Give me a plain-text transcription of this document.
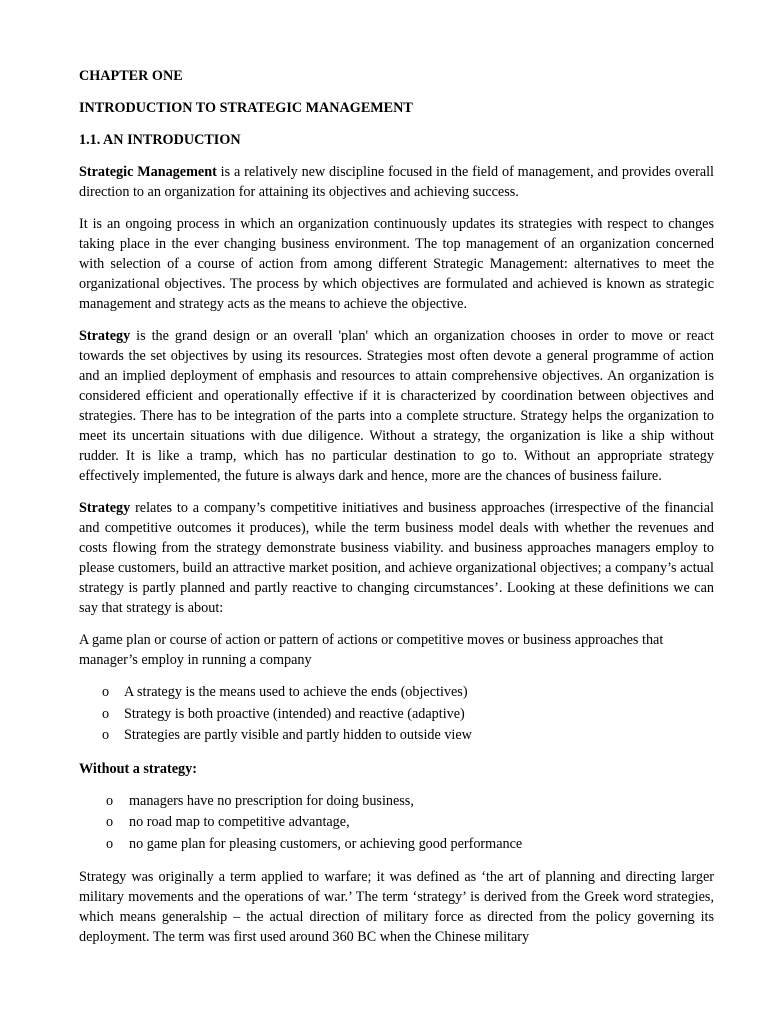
CHAPTER ONE
INTRODUCTION TO STRATEGIC MANAGEMENT
1.1. AN INTRODUCTION

Strategic Management is a relatively new discipline focused in the field of management, and provides overall direction to an organization for attaining its objectives and achieving success.

It is an ongoing process in which an organization continuously updates its strategies with respect to changes taking place in the ever changing business environment. The top management of an organization concerned with selection of a course of action from among different Strategic Management: alternatives to meet the organizational objectives. The process by which objectives are formulated and achieved is known as strategic management and strategy acts as the means to achieve the objective.

Strategy is the grand design or an overall 'plan' which an organization chooses in order to move or react towards the set objectives by using its resources. Strategies most often devote a general programme of action and an implied deployment of emphasis and resources to attain comprehensive objectives. An organization is considered efficient and operationally effective if it is characterized by coordination between objectives and strategies. There has to be integration of the parts into a complete structure. Strategy helps the organization to meet its uncertain situations with due diligence. Without a strategy, the organization is like a ship without rudder. It is like a tramp, which has no particular destination to go to. Without an appropriate strategy effectively implemented, the future is always dark and hence, more are the chances of business failure.

Strategy relates to a company’s competitive initiatives and business approaches (irrespective of the financial and competitive outcomes it produces), while the term business model deals with whether the revenues and costs flowing from the strategy demonstrate business viability. and business approaches managers employ to please customers, build an attractive market position, and achieve organizational objectives; a company’s actual strategy is partly planned and partly reactive to changing circumstances’. Looking at these definitions we can say that strategy is about:

A game plan or course of action or pattern of actions or competitive moves or business approaches that manager’s employ in running a company

o A strategy is the means used to achieve the ends (objectives)
o Strategy is both proactive (intended) and reactive (adaptive)
o Strategies are partly visible and partly hidden to outside view
Without a strategy:
o managers have no prescription for doing business,
o no road map to competitive advantage,
o no game plan for pleasing customers, or achieving good performance

Strategy was originally a term applied to warfare; it was defined as ‘the art of planning and directing larger military movements and the operations of war.’ The term ‘strategy’ is derived from the Greek word strategies, which means generalship – the actual direction of military force as directed from the policy governing its deployment. The term was first used around 360 BC when the Chinese military
